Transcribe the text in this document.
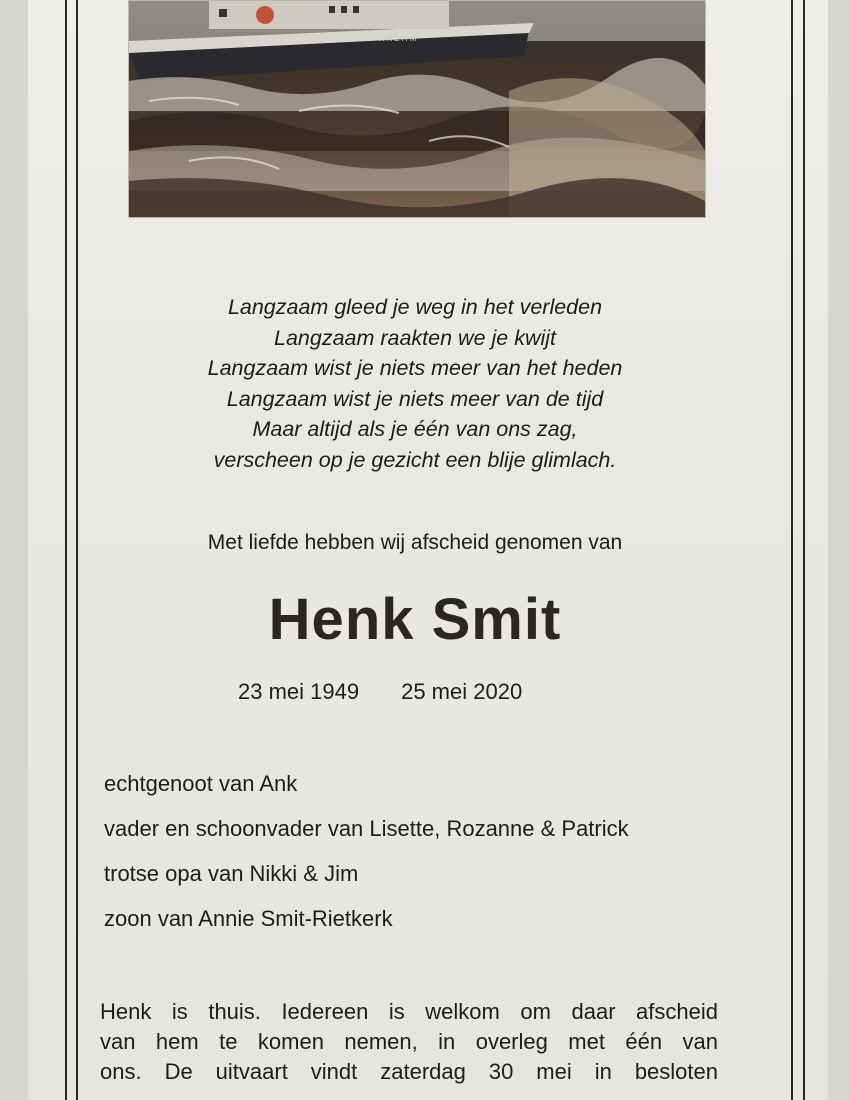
K N Z H M
Langzaam gleed je weg in het verleden
Langzaam raakten we je kwijt
Langzaam wist je niets meer van het heden
Langzaam wist je niets meer van de tijd
Maar altijd als je één van ons zag,
verscheen op je gezicht een blije glimlach.
Met liefde hebben wij afscheid genomen van
Henk Smit
23 mei 1949 25 mei 2020
echtgenoot van Ank
vader en schoonvader van Lisette, Rozanne & Patrick
trotse opa van Nikki & Jim
zoon van Annie Smit-Rietkerk
Henk is thuis. Iedereen is welkom om daar afscheid
van hem te komen nemen, in overleg met één van
ons. De uitvaart vindt zaterdag 30 mei in besloten
